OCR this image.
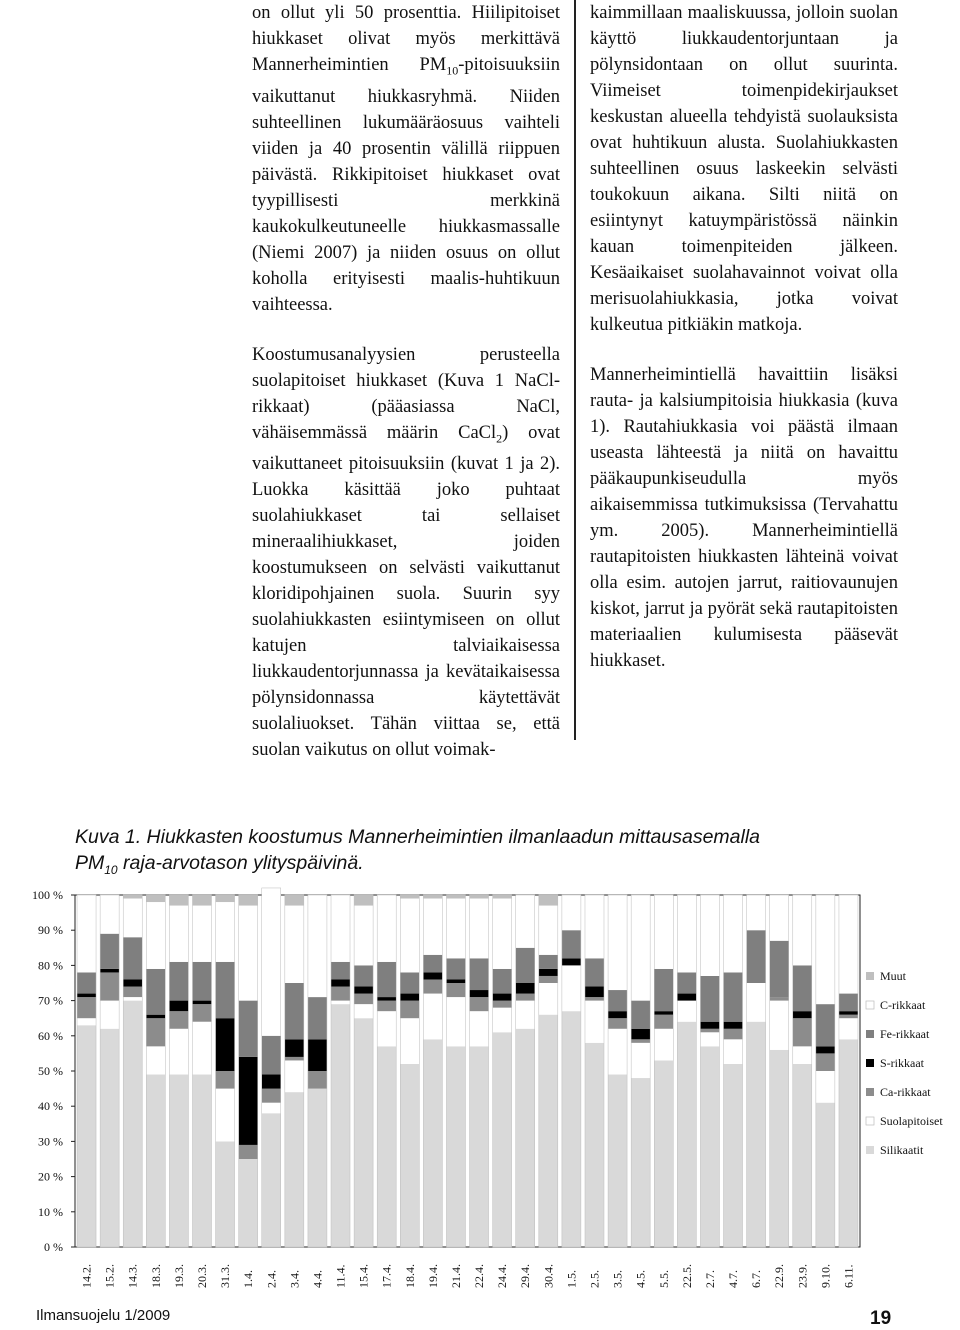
on ollut yli 50 prosenttia. Hiilipitoiset hiukkaset olivat myös merkittävä Mannerheimintien $PM_{10}$-pitoisuuksiin vaikuttanut hiukkasryhmä. Niiden suhteellinen lukumääräosuus vaihteli viiden ja 40 prosentin välillä riippuen päivästä. Rikkipitoiset hiukkaset ovat tyypillisesti merkkinä kaukokulkeutuneelle hiukkasmassalle (Niemi 2007) ja niiden osuus on ollut koholla erityisesti maalis-huhtikuun vaihteessa.

Koostumusanalyysien perusteella suolapitoiset hiukkaset (Kuva 1 NaCl-rikkaat) (pääasiassa NaCl, vähäisemmässä määrin CaCl$_2$) ovat vaikuttaneet pitoisuuksiin (kuvat 1 ja 2). Luokka käsittää joko puhtaat suolahiukkaset tai sellaiset mineraalihiukkaset, joiden koostumukseen on selvästi vaikuttanut kloridipohjainen suola. Suurin syy suolahiukkasten esiintymiseen on ollut katujen talviaikaisessa liukkaudentorjunnassa ja kevätaikaisessa pölynsidonnassa käytettävät suolaliuokset. Tähän viittaa se, että suolan vaikutus on ollut voimak-

kaimmillaan maaliskuussa, jolloin suolan käyttö liukkaudentorjuntaan ja pölynsidontaan on ollut suurinta. Viimeiset toimenpidekirjaukset keskustan alueella tehdyistä suolauksista ovat huhtikuun alusta. Suolahiukkasten suhteellinen osuus laskeekin selvästi toukokuun aikana. Silti niitä on esiintynyt katuympäristössä näinkin kauan toimenpiteiden jälkeen. Kesäaikaiset suolahavainnot voivat olla merisuolahiukkasia, jotka voivat kulkeutua pitkiäkin matkoja.

Mannerheimintiellä havaittiin lisäksi rauta- ja kalsiumpitoisia hiukkasia (kuva 1). Rautahiukkasia voi päästä ilmaan useasta lähteestä ja niitä on havaittu pääkaupunkiseudulla myös aikaisemmissa tutkimuksissa (Tervahattu ym. 2005). Mannerheimintiellä rautapitoisten hiukkasten lähteinä voivat olla esim. autojen jarrut, raitiovaunujen kiskot, jarrut ja pyörät sekä rautapitoisten materiaalien kulumisesta pääsevät hiukkaset.

Kuva 1. Hiukkasten koostumus Mannerheimintien ilmanlaadun mittausasemalla
$PM_{10}$ raja-arvotason ylityspäivinä.
0 %
10 %
20 %
30 %
40 %
50 %
60 %
70 %
80 %
90 %
100 %
14.2. 15.2. 14.3. 18.3. 19.3. 20.3. 31.3. 1.4. 2.4. 3.4. 4.4. 11.4. 15.4. 17.4. 18.4. 19.4. 21.4. 22.4. 24.4. 29.4. 30.4. 1.5. 2.5. 3.5. 4.5. 5.5. 22.5. 2.7. 4.7. 6.7. 22.9. 23.9. 9.10. 6.11.
Muut
C-rikkaat
Fe-rikkaat
S-rikkaat
Ca-rikkaat
Suolapitoiset
Silikaatit
Ilmansuojelu 1/2009	19
